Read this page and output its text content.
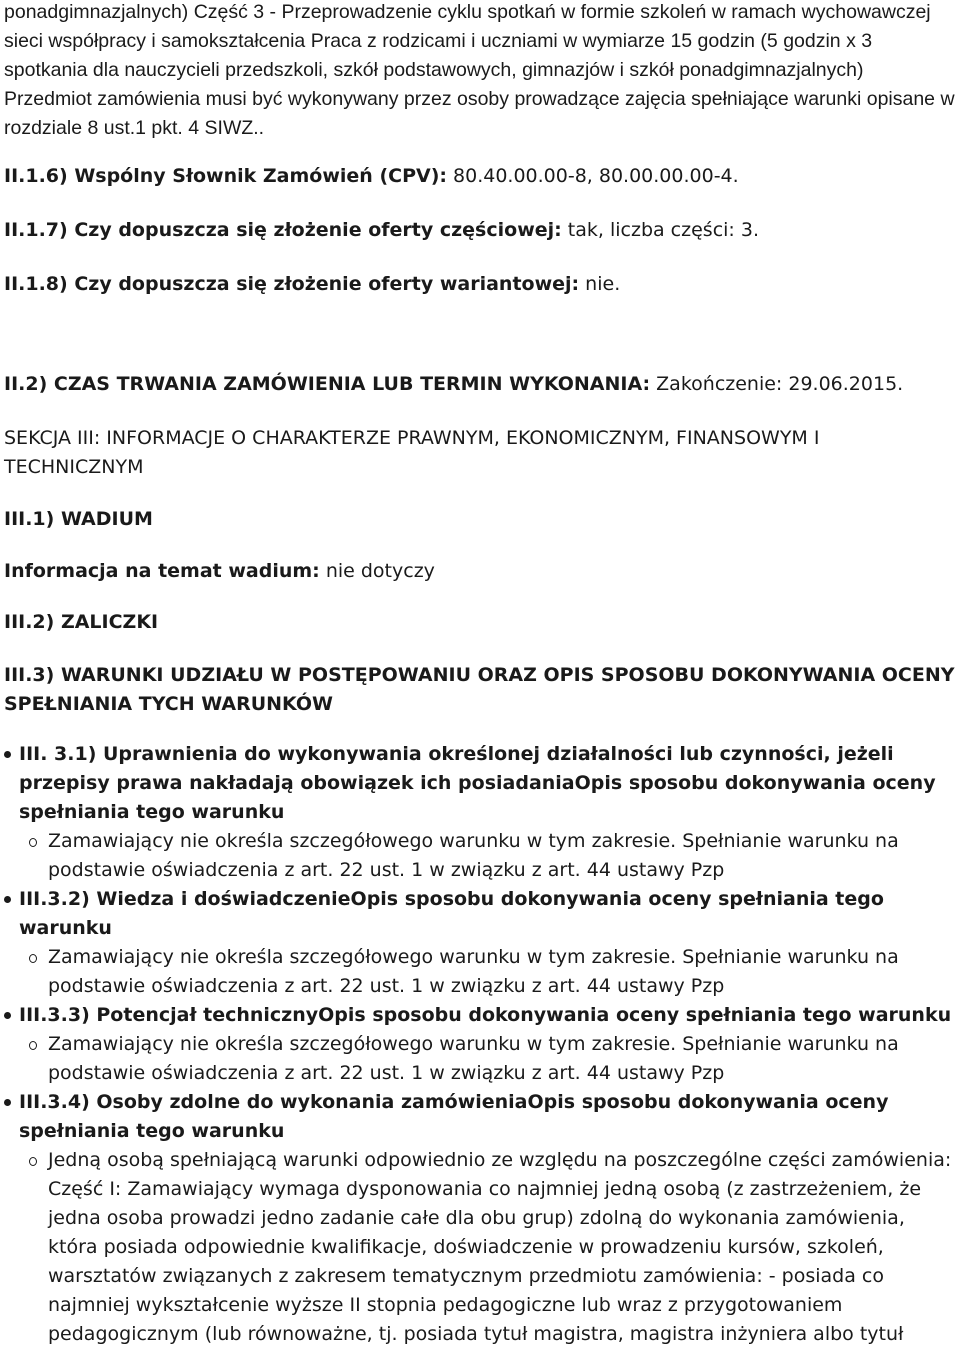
ponadgimnazjalnych) Część 3 - Przeprowadzenie cyklu spotkań w formie szkoleń w ramach wychowawczej sieci współpracy i samokształcenia Praca z rodzicami i uczniami w wymiarze 15 godzin (5 godzin x 3 spotkania dla nauczycieli przedszkoli, szkół podstawowych, gimnazjów i szkół ponadgimnazjalnych) Przedmiot zamówienia musi być wykonywany przez osoby prowadzące zajęcia spełniające warunki opisane w rozdziale 8 ust.1 pkt. 4 SIWZ..

II.1.6) Wspólny Słownik Zamówień (CPV): 80.40.00.00-8, 80.00.00.00-4.

II.1.7) Czy dopuszcza się złożenie oferty częściowej: tak, liczba części: 3.

II.1.8) Czy dopuszcza się złożenie oferty wariantowej: nie.

II.2) CZAS TRWANIA ZAMÓWIENIA LUB TERMIN WYKONANIA: Zakończenie: 29.06.2015.

SEKCJA III: INFORMACJE O CHARAKTERZE PRAWNYM, EKONOMICZNYM, FINANSOWYM I TECHNICZNYM

III.1) WADIUM

Informacja na temat wadium: nie dotyczy

III.2) ZALICZKI

III.3) WARUNKI UDZIAŁU W POSTĘPOWANIU ORAZ OPIS SPOSOBU DOKONYWANIA OCENY SPEŁNIANIA TYCH WARUNKÓW

III. 3.1) Uprawnienia do wykonywania określonej działalności lub czynności, jeżeli przepisy prawa nakładają obowiązek ich posiadaniaOpis sposobu dokonywania oceny spełniania tego warunku
Zamawiający nie określa szczegółowego warunku w tym zakresie. Spełnianie warunku na podstawie oświadczenia z art. 22 ust. 1 w związku z art. 44 ustawy Pzp
III.3.2) Wiedza i doświadczenieOpis sposobu dokonywania oceny spełniania tego warunku
Zamawiający nie określa szczegółowego warunku w tym zakresie. Spełnianie warunku na podstawie oświadczenia z art. 22 ust. 1 w związku z art. 44 ustawy Pzp
III.3.3) Potencjał technicznyOpis sposobu dokonywania oceny spełniania tego warunku
Zamawiający nie określa szczegółowego warunku w tym zakresie. Spełnianie warunku na podstawie oświadczenia z art. 22 ust. 1 w związku z art. 44 ustawy Pzp
III.3.4) Osoby zdolne do wykonania zamówieniaOpis sposobu dokonywania oceny spełniania tego warunku
Jedną osobą spełniającą warunki odpowiednio ze względu na poszczególne części zamówienia: Część I: Zamawiający wymaga dysponowania co najmniej jedną osobą (z zastrzeżeniem, że jedna osoba prowadzi jedno zadanie całe dla obu grup) zdolną do wykonania zamówienia, która posiada odpowiednie kwalifikacje, doświadczenie w prowadzeniu kursów, szkoleń, warsztatów związanych z zakresem tematycznym przedmiotu zamówienia: - posiada co najmniej wykształcenie wyższe II stopnia pedagogiczne lub wraz z przygotowaniem pedagogicznym (lub równoważne, tj. posiada tytuł magistra, magistra inżyniera albo tytuł
